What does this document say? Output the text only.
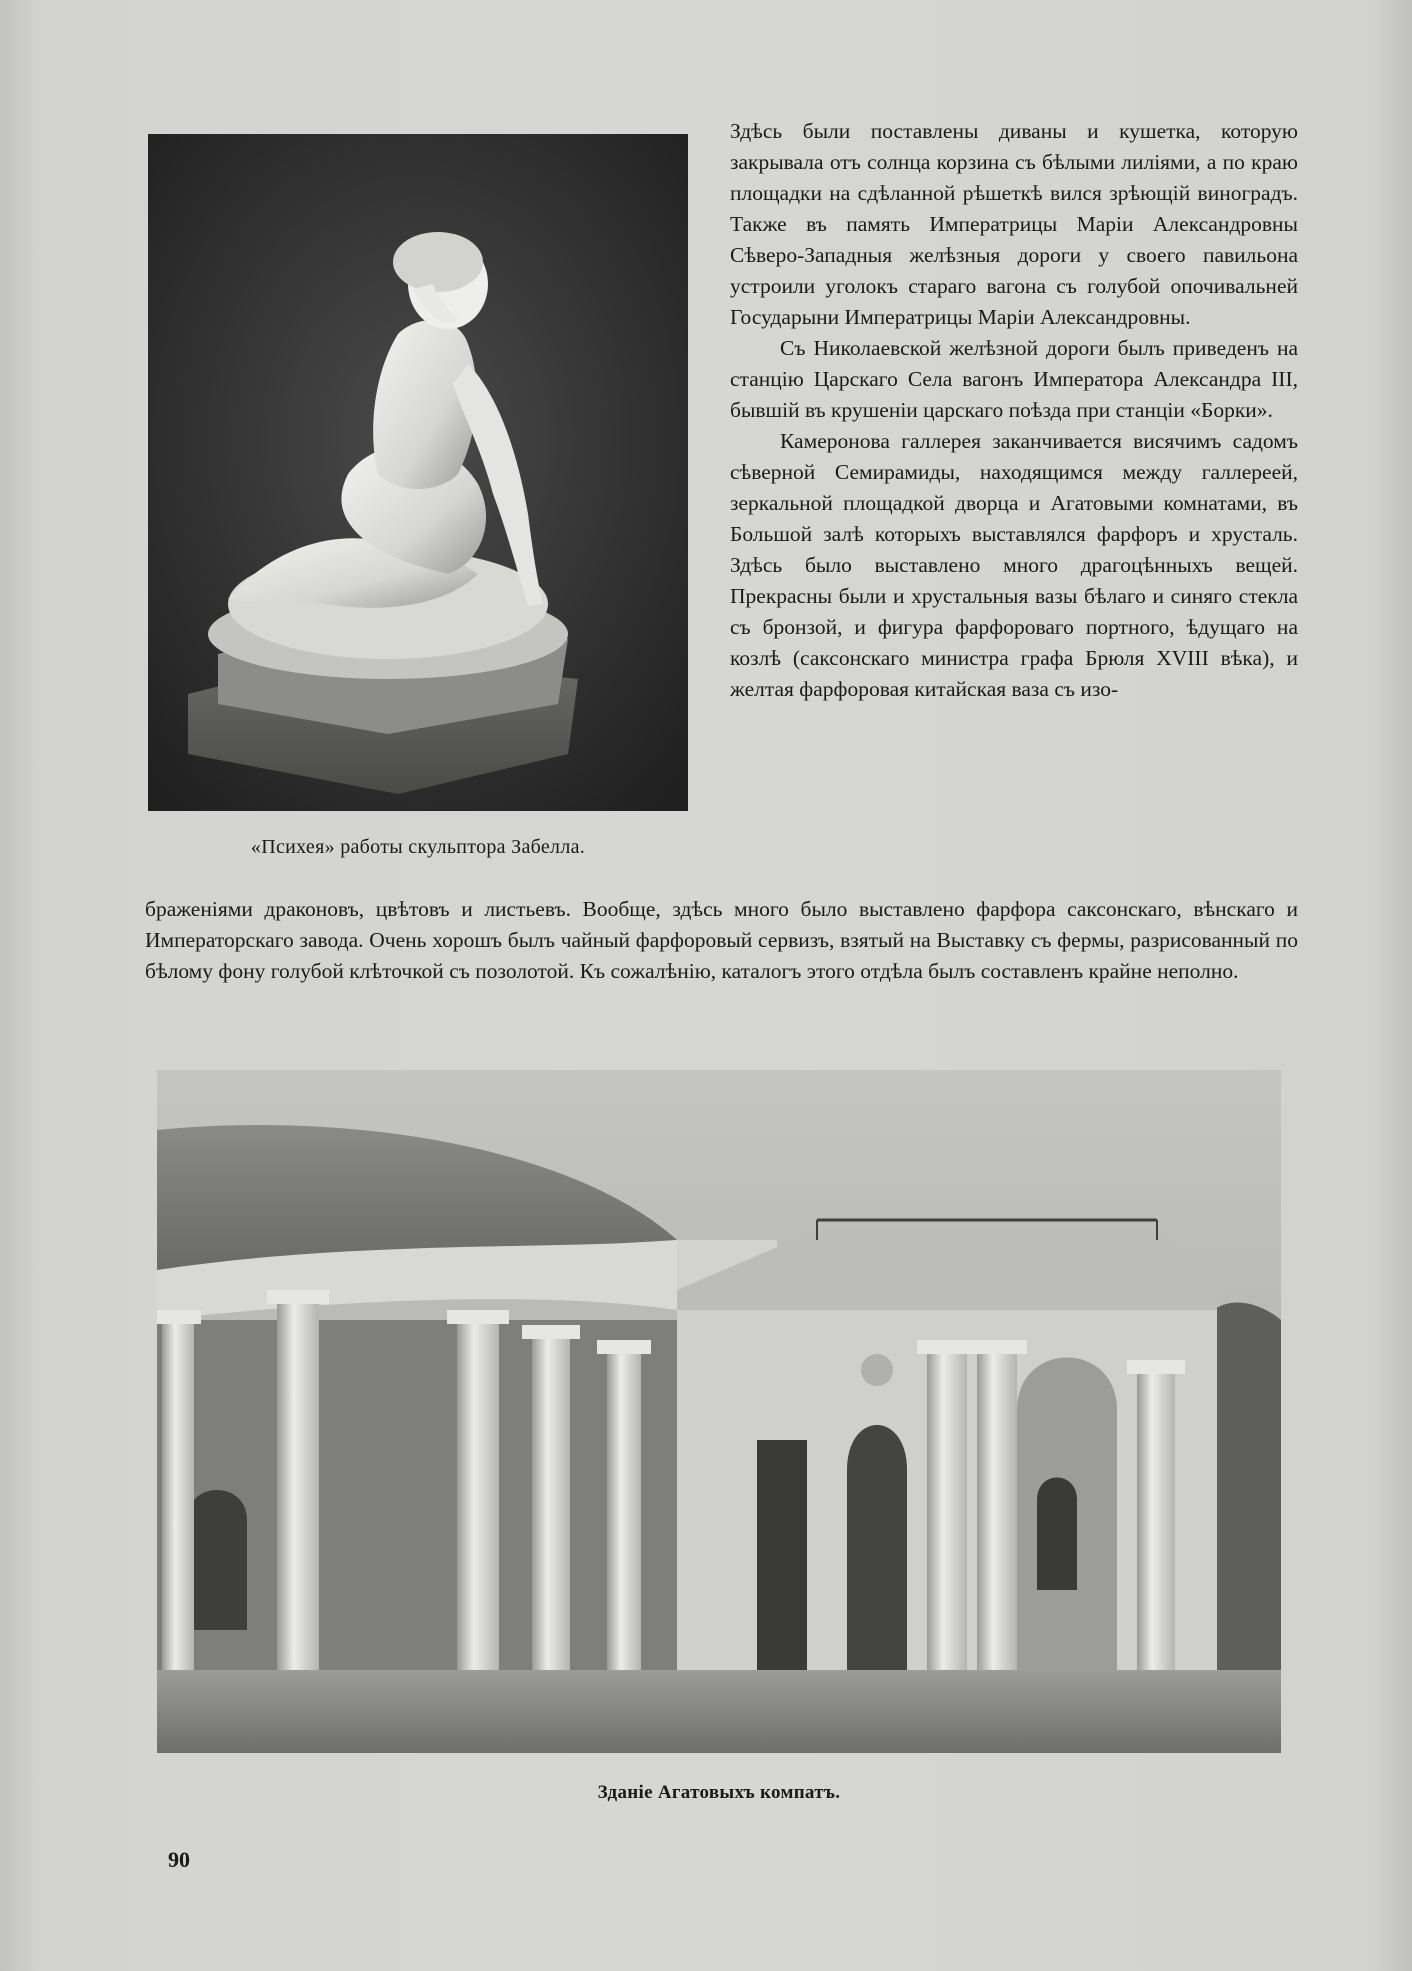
«Психея» работы скульптора Забелла.

Здѣсь были поставлены диваны и кушетка, которую закрывала отъ солнца корзина съ бѣлыми лиліями, а по краю площадки на сдѣланной рѣшеткѣ вился зрѣющій виноградъ. Также въ память Императрицы Маріи Александровны Сѣверо-Западныя желѣзныя дороги у своего павильона устроили уголокъ стараго вагона съ голубой опочивальней Государыни Императрицы Маріи Александровны.

Съ Николаевской желѣзной дороги былъ приведенъ на станцію Царскаго Села вагонъ Императора Александра III, бывшій въ крушеніи царскаго поѣзда при станціи «Борки».

Камеронова галлерея заканчивается висячимъ садомъ сѣверной Семирамиды, находящимся между галлереей, зеркальной площадкой дворца и Агатовыми комнатами, въ Большой залѣ которыхъ выставлялся фарфоръ и хрусталь. Здѣсь было выставлено много драгоцѣнныхъ вещей. Прекрасны были и хрустальныя вазы бѣлаго и синяго стекла съ бронзой, и фигура фарфороваго портного, ѣдущаго на козлѣ (саксонскаго министра графа Брюля XVIII вѣка), и желтая фарфоровая китайская ваза съ изо-

браженіями драконовъ, цвѣтовъ и листьевъ. Вообще, здѣсь много было выставлено фарфора саксонскаго, вѣнскаго и Императорскаго завода. Очень хорошъ былъ чайный фарфоровый сервизъ, взятый на Выставку съ фермы, разрисованный по бѣлому фону голубой клѣточкой съ позолотой. Къ сожалѣнію, каталогъ этого отдѣла былъ составленъ крайне неполно.

Зданіе Агатовыхъ компатъ.
90
